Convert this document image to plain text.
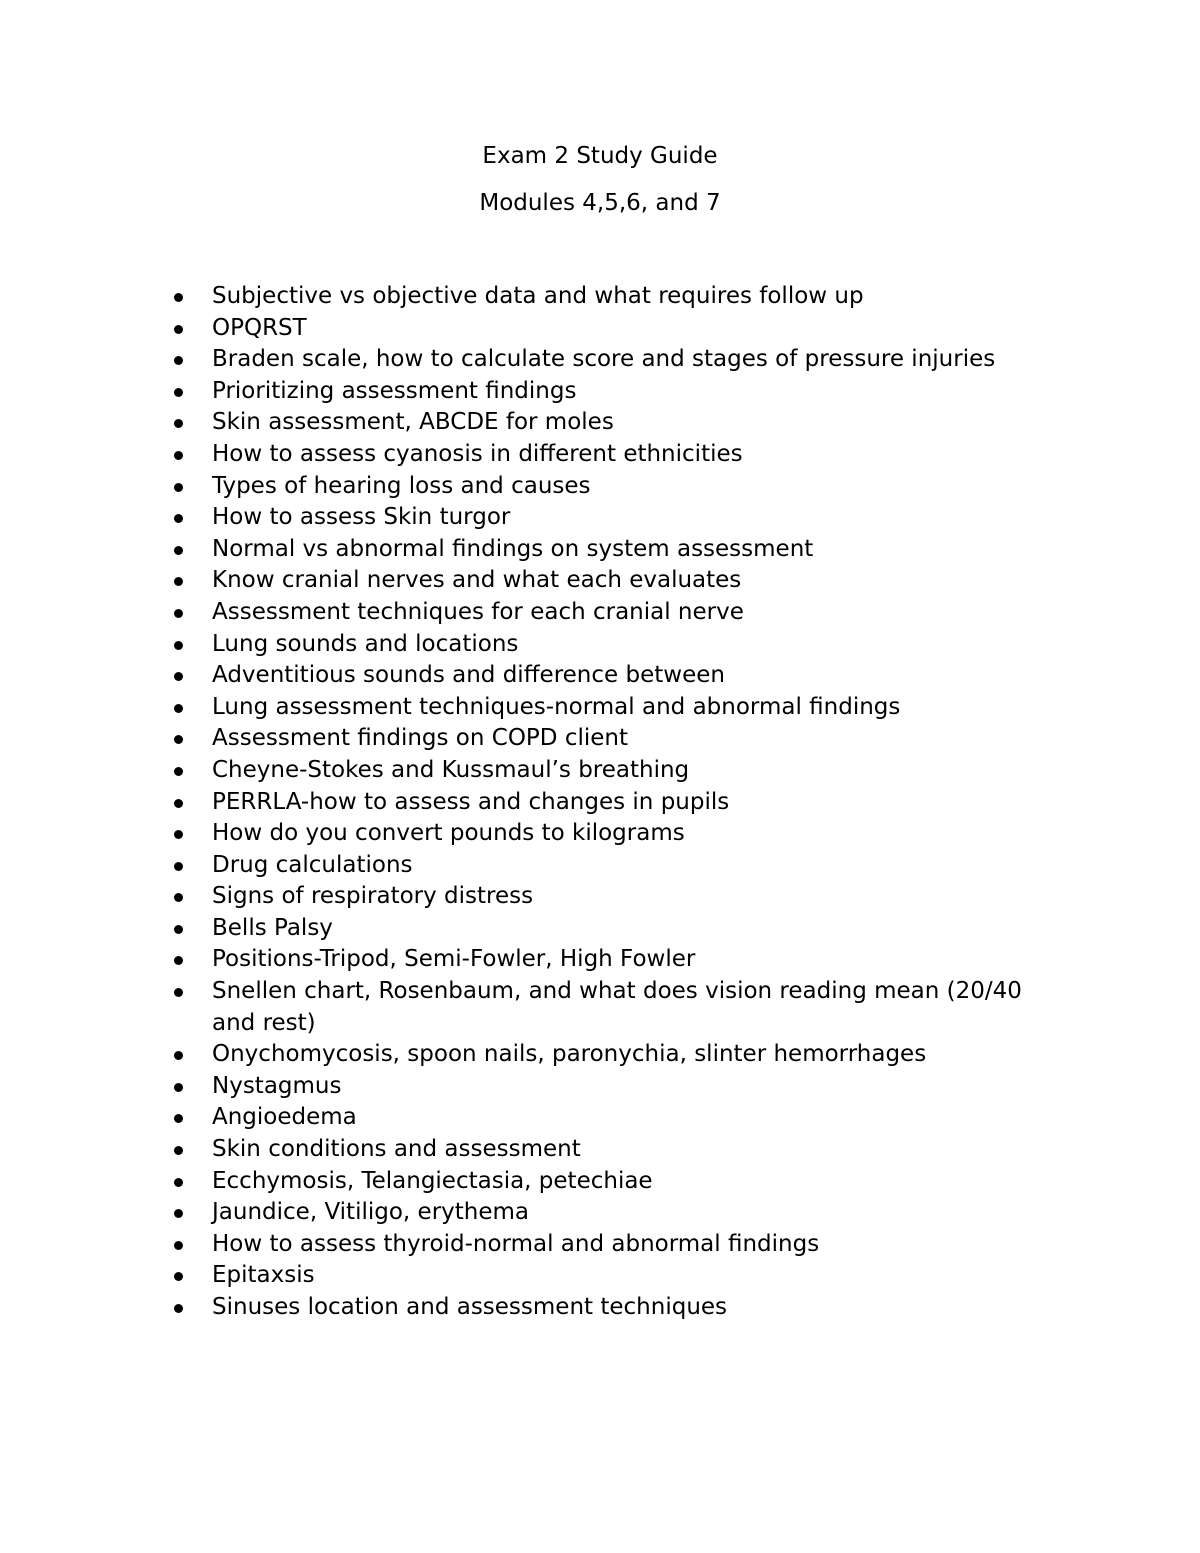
Exam 2 Study Guide
Modules 4,5,6, and 7
Subjective vs objective data and what requires follow up
OPQRST
Braden scale, how to calculate score and stages of pressure injuries
Prioritizing assessment findings
Skin assessment, ABCDE for moles
How to assess cyanosis in different ethnicities
Types of hearing loss and causes
How to assess Skin turgor
Normal vs abnormal findings on system assessment
Know cranial nerves and what each evaluates
Assessment techniques for each cranial nerve
Lung sounds and locations
Adventitious sounds and difference between
Lung assessment techniques-normal and abnormal findings
Assessment findings on COPD client
Cheyne-Stokes and Kussmaul’s breathing
PERRLA-how to assess and changes in pupils
How do you convert pounds to kilograms
Drug calculations
Signs of respiratory distress
Bells Palsy
Positions-Tripod, Semi-Fowler, High Fowler
Snellen chart, Rosenbaum, and what does vision reading mean (20/40 and rest)
Onychomycosis, spoon nails, paronychia, slinter hemorrhages
Nystagmus
Angioedema
Skin conditions and assessment
Ecchymosis, Telangiectasia, petechiae
Jaundice, Vitiligo, erythema
How to assess thyroid-normal and abnormal findings
Epitaxsis
Sinuses location and assessment techniques
